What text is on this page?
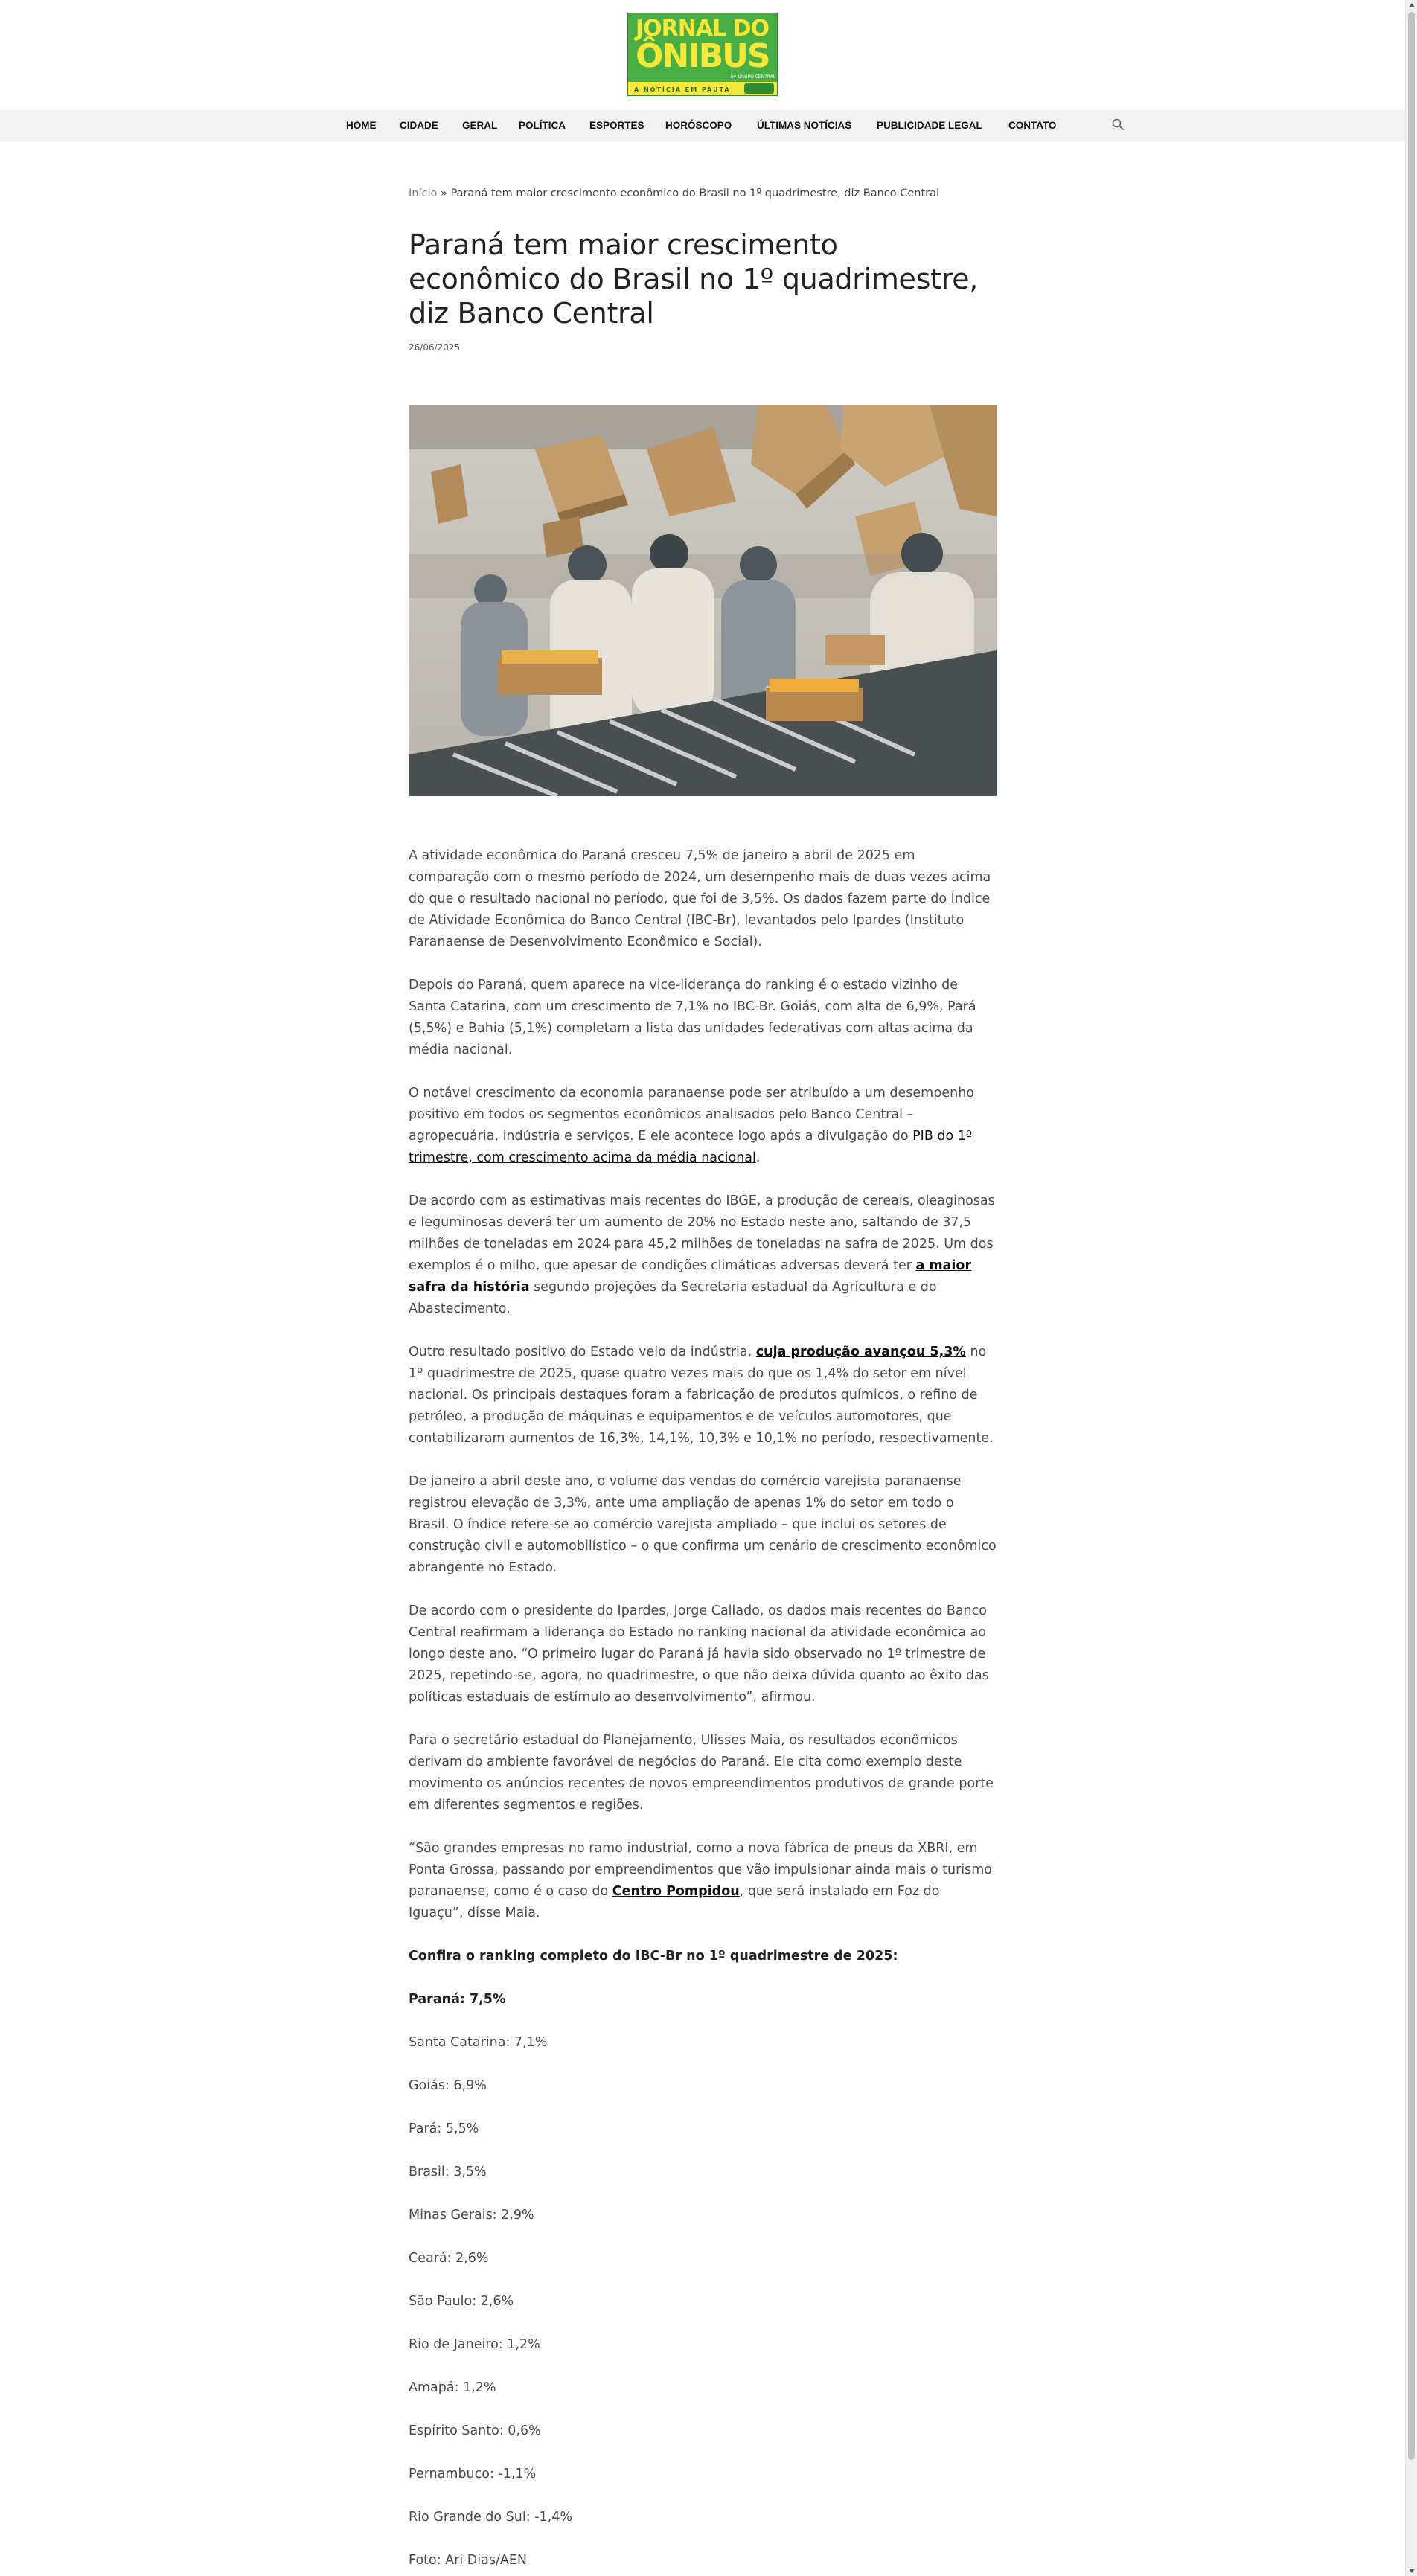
JORNAL DO
ÔNIBUS
by GRUPO CENTRAL
A NOTÍCIA EM PAUTA
HOME CIDADE GERAL POLÍTICA ESPORTES HORÓSCOPO ÚLTIMAS NOTÍCIAS	PUBLICIDADE LEGAL	CONTATO
Início » Paraná tem maior crescimento econômico do Brasil no 1º quadrimestre, diz Banco Central
Paraná tem maior crescimento econômico do Brasil no 1º quadrimestre, diz Banco Central
26/06/2025

A atividade econômica do Paraná cresceu 7,5% de janeiro a abril de 2025 em comparação com o mesmo período de 2024, um desempenho mais de duas vezes acima do que o resultado nacional no período, que foi de 3,5%. Os dados fazem parte do Índice de Atividade Econômica do Banco Central (IBC-Br), levantados pelo Ipardes (Instituto Paranaense de Desenvolvimento Econômico e Social).

Depois do Paraná, quem aparece na vice-liderança do ranking é o estado vizinho de Santa Catarina, com um crescimento de 7,1% no IBC-Br. Goiás, com alta de 6,9%, Pará (5,5%) e Bahia (5,1%) completam a lista das unidades federativas com altas acima da média nacional.

O notável crescimento da economia paranaense pode ser atribuído a um desempenho positivo em todos os segmentos econômicos analisados pelo Banco Central – agropecuária, indústria e serviços. E ele acontece logo após a divulgação do PIB do 1º trimestre, com crescimento acima da média nacional.

De acordo com as estimativas mais recentes do IBGE, a produção de cereais, oleaginosas e leguminosas deverá ter um aumento de 20% no Estado neste ano, saltando de 37,5 milhões de toneladas em 2024 para 45,2 milhões de toneladas na safra de 2025. Um dos exemplos é o milho, que apesar de condições climáticas adversas deverá ter a maior safra da história segundo projeções da Secretaria estadual da Agricultura e do Abastecimento.

Outro resultado positivo do Estado veio da indústria, cuja produção avançou 5,3% no 1º quadrimestre de 2025, quase quatro vezes mais do que os 1,4% do setor em nível nacional. Os principais destaques foram a fabricação de produtos químicos, o refino de petróleo, a produção de máquinas e equipamentos e de veículos automotores, que contabilizaram aumentos de 16,3%, 14,1%, 10,3% e 10,1% no período, respectivamente.

De janeiro a abril deste ano, o volume das vendas do comércio varejista paranaense registrou elevação de 3,3%, ante uma ampliação de apenas 1% do setor em todo o Brasil. O índice refere-se ao comércio varejista ampliado – que inclui os setores de construção civil e automobilístico – o que confirma um cenário de crescimento econômico abrangente no Estado.

De acordo com o presidente do Ipardes, Jorge Callado, os dados mais recentes do Banco Central reafirmam a liderança do Estado no ranking nacional da atividade econômica ao longo deste ano. “O primeiro lugar do Paraná já havia sido observado no 1º trimestre de 2025, repetindo-se, agora, no quadrimestre, o que não deixa dúvida quanto ao êxito das políticas estaduais de estímulo ao desenvolvimento”, afirmou.

Para o secretário estadual do Planejamento, Ulisses Maia, os resultados econômicos derivam do ambiente favorável de negócios do Paraná. Ele cita como exemplo deste movimento os anúncios recentes de novos empreendimentos produtivos de grande porte em diferentes segmentos e regiões.

“São grandes empresas no ramo industrial, como a nova fábrica de pneus da XBRI, em Ponta Grossa, passando por empreendimentos que vão impulsionar ainda mais o turismo paranaense, como é o caso do Centro Pompidou, que será instalado em Foz do Iguaçu”, disse Maia.

Confira o ranking completo do IBC-Br no 1º quadrimestre de 2025:

Paraná: 7,5%

Santa Catarina: 7,1%

Goiás: 6,9%

Pará: 5,5%

Brasil: 3,5%

Minas Gerais: 2,9%

Ceará: 2,6%

São Paulo: 2,6%

Rio de Janeiro: 1,2%

Amapá: 1,2%

Espírito Santo: 0,6%

Pernambuco: -1,1%

Rio Grande do Sul: -1,4%

Foto: Ari Dias/AEN
